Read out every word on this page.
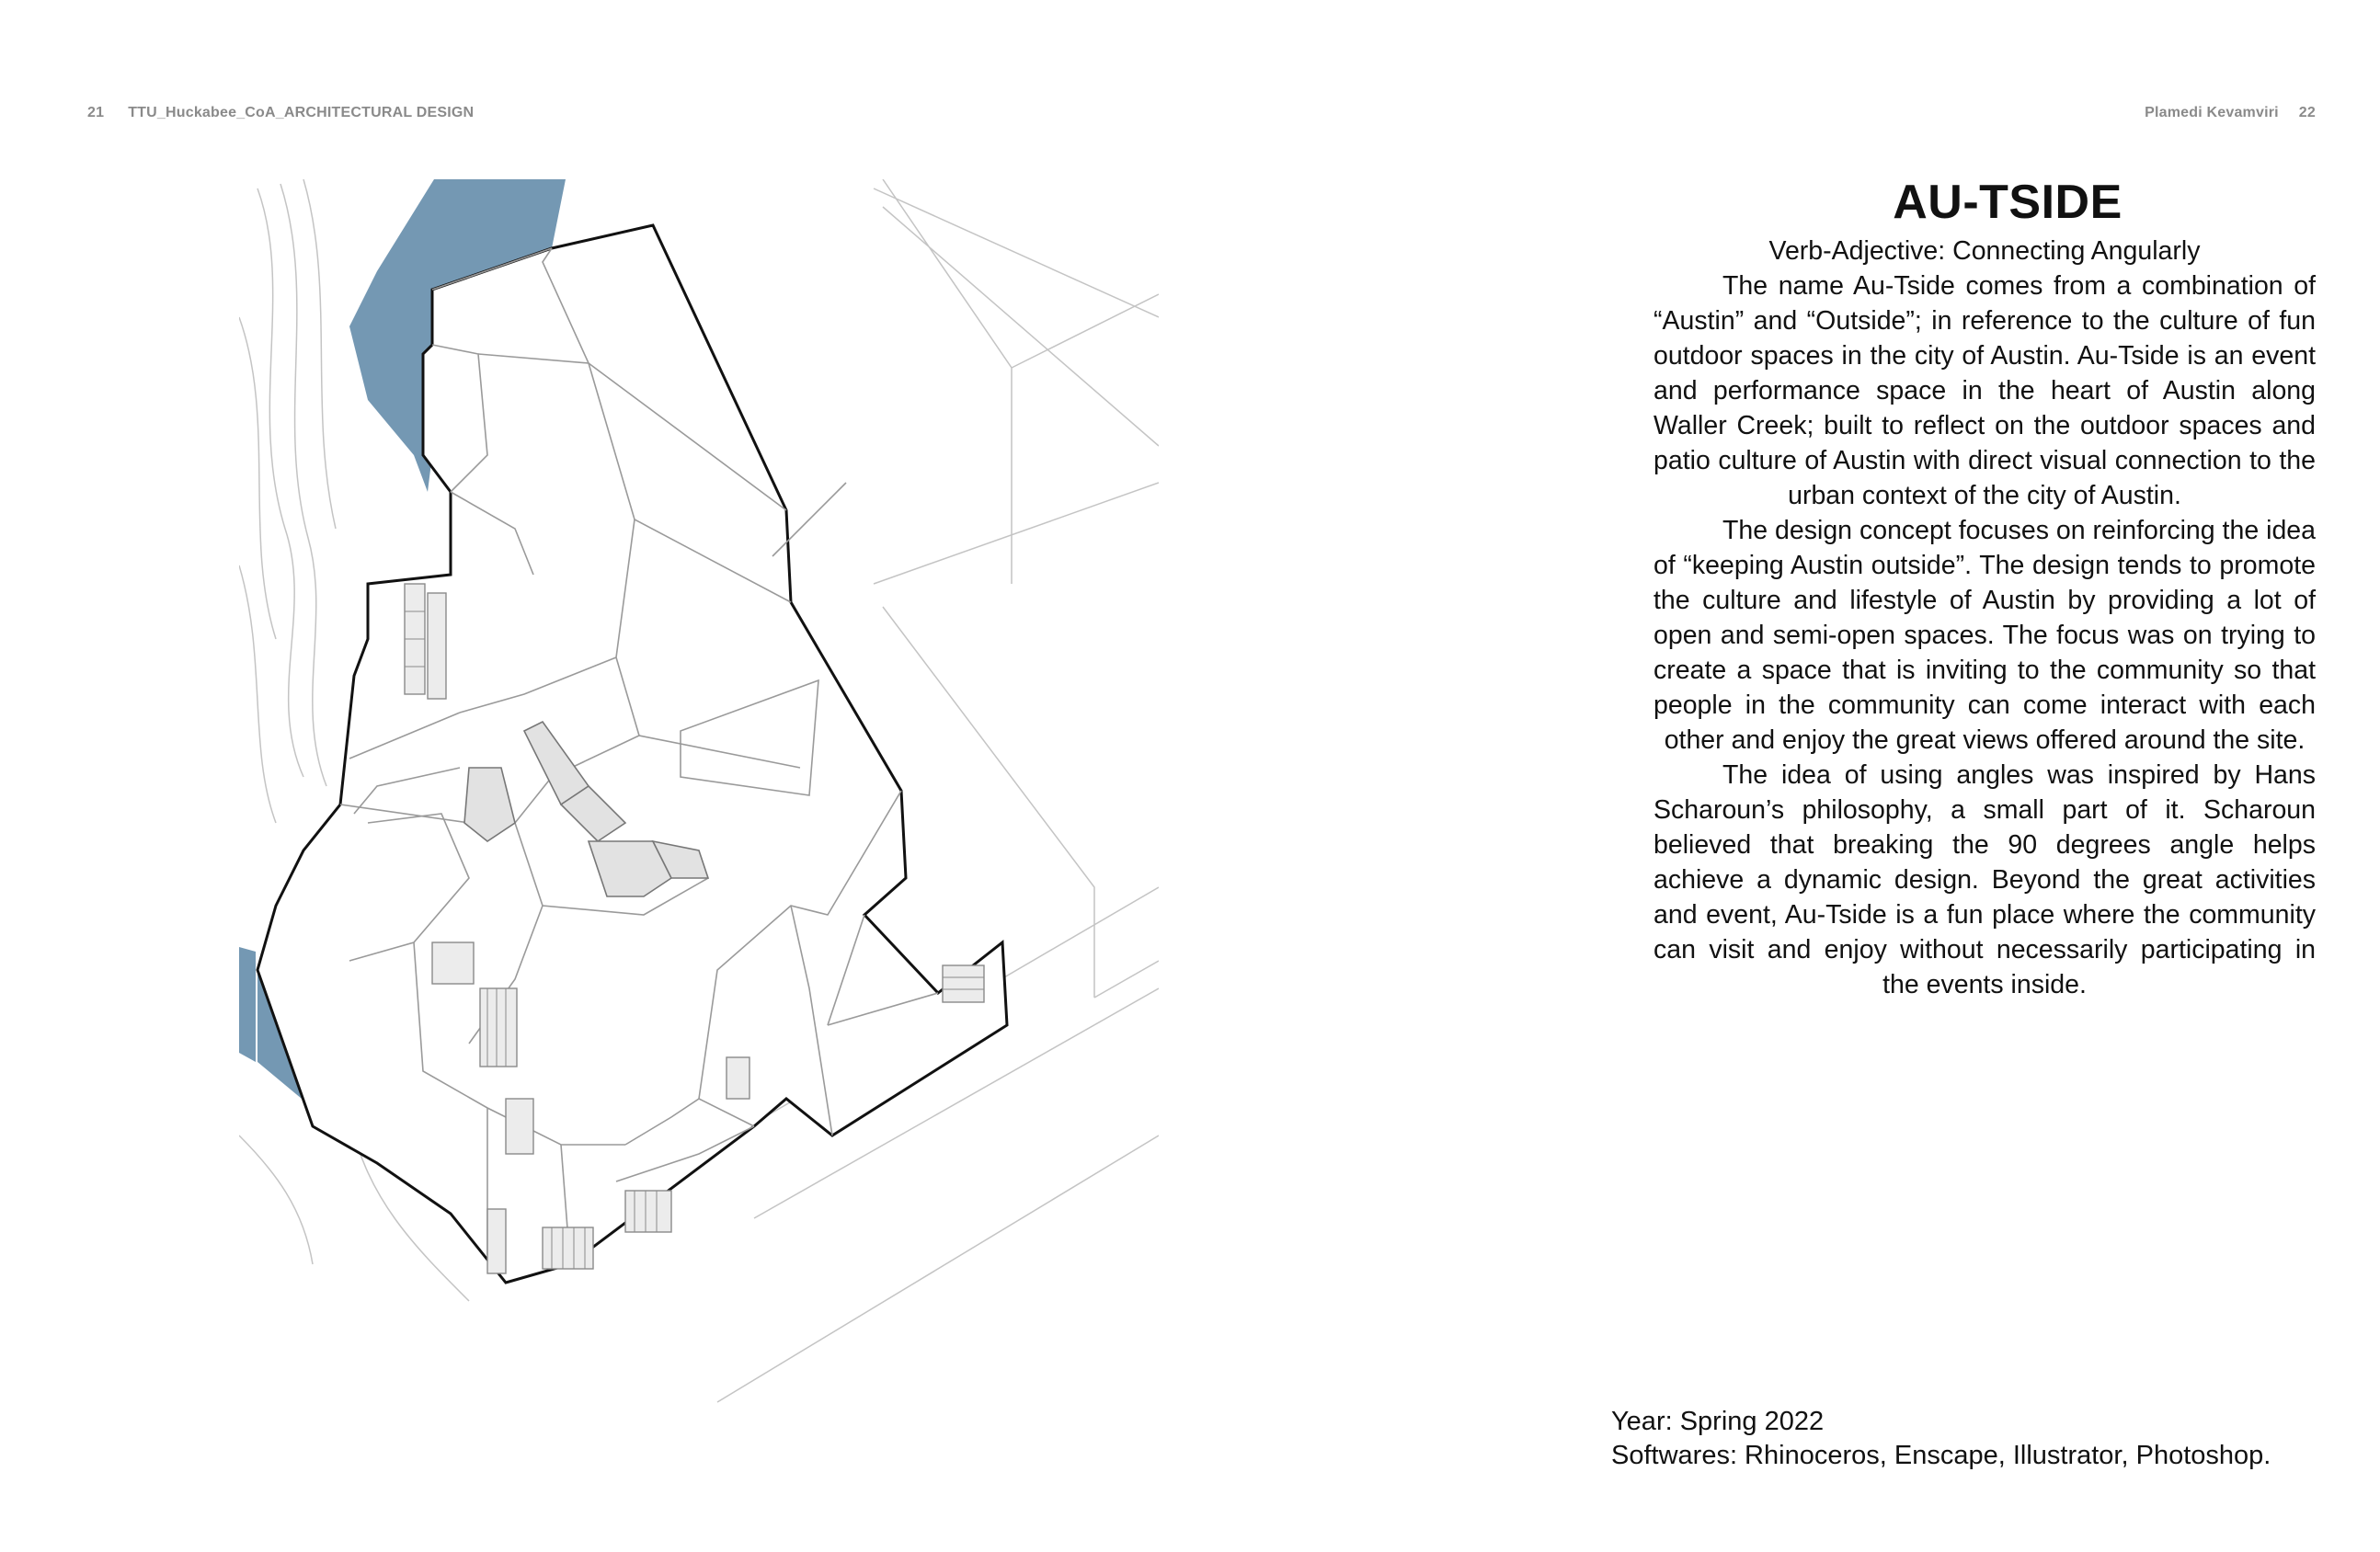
21 TTU_Huckabee_CoA_ARCHITECTURAL DESIGN	Plamedi Kevamviri 22
AU-TSIDE

Verb-Adjective: Connecting Angularly

The name Au-Tside comes from a combination of “Austin” and “Outside”; in reference to the culture of fun outdoor spaces in the city of Austin. Au-Tside is an event and performance space in the heart of Austin along Waller Creek; built to reflect on the outdoor spaces and patio culture of Austin with direct visual connection to the urban context of the city of Austin.

The design concept focuses on reinforcing the idea of “keeping Austin outside”. The design tends to promote the culture and lifestyle of Austin by providing a lot of open and semi-open spaces. The focus was on trying to create a space that is inviting to the community so that people in the community can come interact with each other and enjoy the great views offered around the site.

The idea of using angles was inspired by Hans Scharoun’s philosophy, a small part of it. Scharoun believed that breaking the 90 degrees angle helps achieve a dynamic design. Beyond the great activities and event, Au-Tside is a fun place where the community can visit and enjoy without necessarily participating in the events inside.

Year: Spring 2022
Softwares: Rhinoceros, Enscape, Illustrator, Photoshop.
